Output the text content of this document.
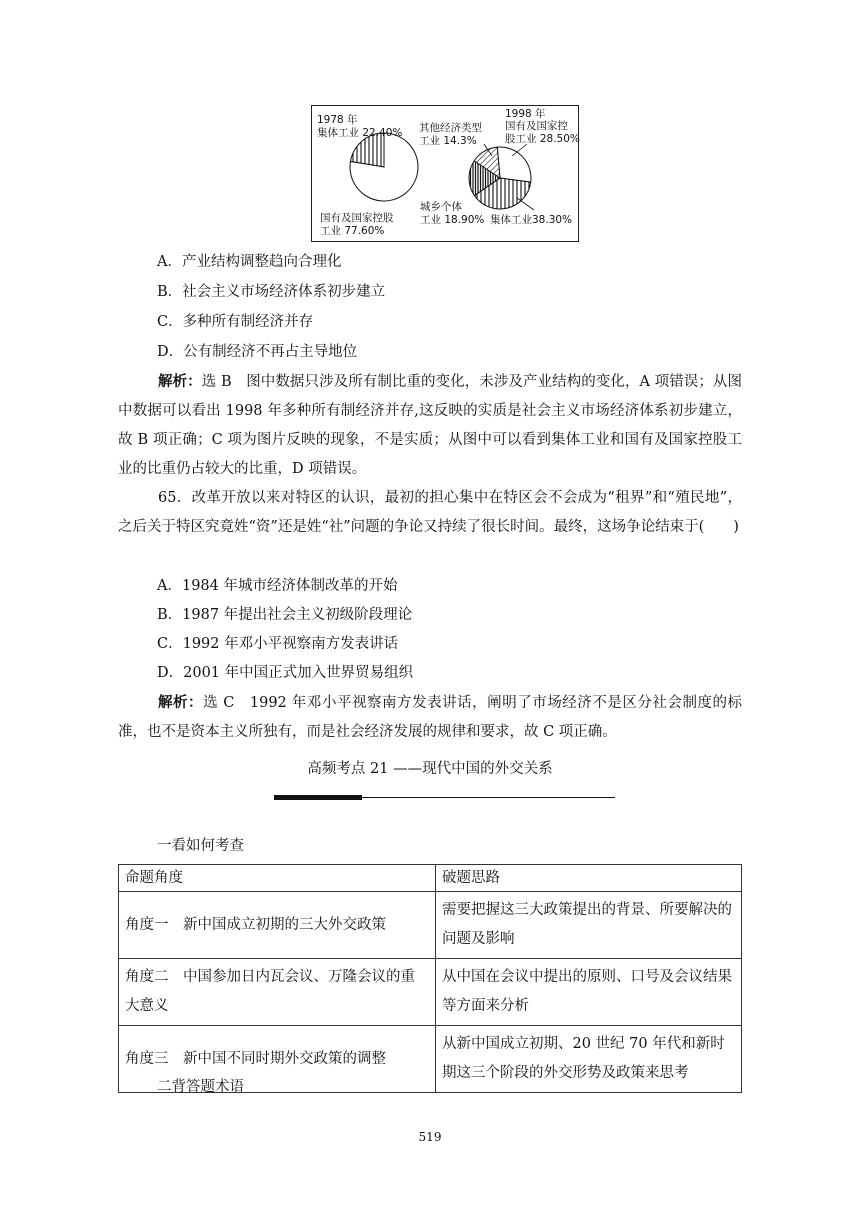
1978 年
集体工业 22.40%
国有及国家控股
工业 77.60%
1998 年
国有及国家控
股工业 28.50%
其他经济类型
工业 14.3%
城乡个体
工业 18.90% 集体工业38.30%
A．产业结构调整趋向合理化
B．社会主义市场经济体系初步建立
C．多种所有制经济并存
D．公有制经济不再占主导地位
解析：选 B　图中数据只涉及所有制比重的变化，未涉及产业结构的变化，A 项错误；从图中数据可以看出 1998 年多种所有制经济并存,这反映的实质是社会主义市场经济体系初步建立，故 B 项正确；C 项为图片反映的现象，不是实质；从图中可以看到集体工业和国有及国家控股工业的比重仍占较大的比重，D 项错误。
65．改革开放以来对特区的认识，最初的担心集中在特区会不会成为“租界”和“殖民地”，之后关于特区究竟姓“资”还是姓“社”问题的争论又持续了很长时间。最终，这场争论结束于(　　)
A．1984 年城市经济体制改革的开始
B．1987 年提出社会主义初级阶段理论
C．1992 年邓小平视察南方发表讲话
D．2001 年中国正式加入世界贸易组织
解析：选 C　1992 年邓小平视察南方发表讲话，阐明了市场经济不是区分社会制度的标准，也不是资本主义所独有，而是社会经济发展的规律和要求，故 C 项正确。
高频考点 21 ——现代中国的外交关系
一看如何考查
命题角度	破题思路
角度一　新中国成立初期的三大外交政策	需要把握这三大政策提出的背景、所要解决的问题及影响
角度二　中国参加日内瓦会议、万隆会议的重大意义	从中国在会议中提出的原则、口号及会议结果等方面来分析
角度三　新中国不同时期外交政策的调整	从新中国成立初期、20 世纪 70 年代和新时期这三个阶段的外交形势及政策来思考
二背答题术语
519
